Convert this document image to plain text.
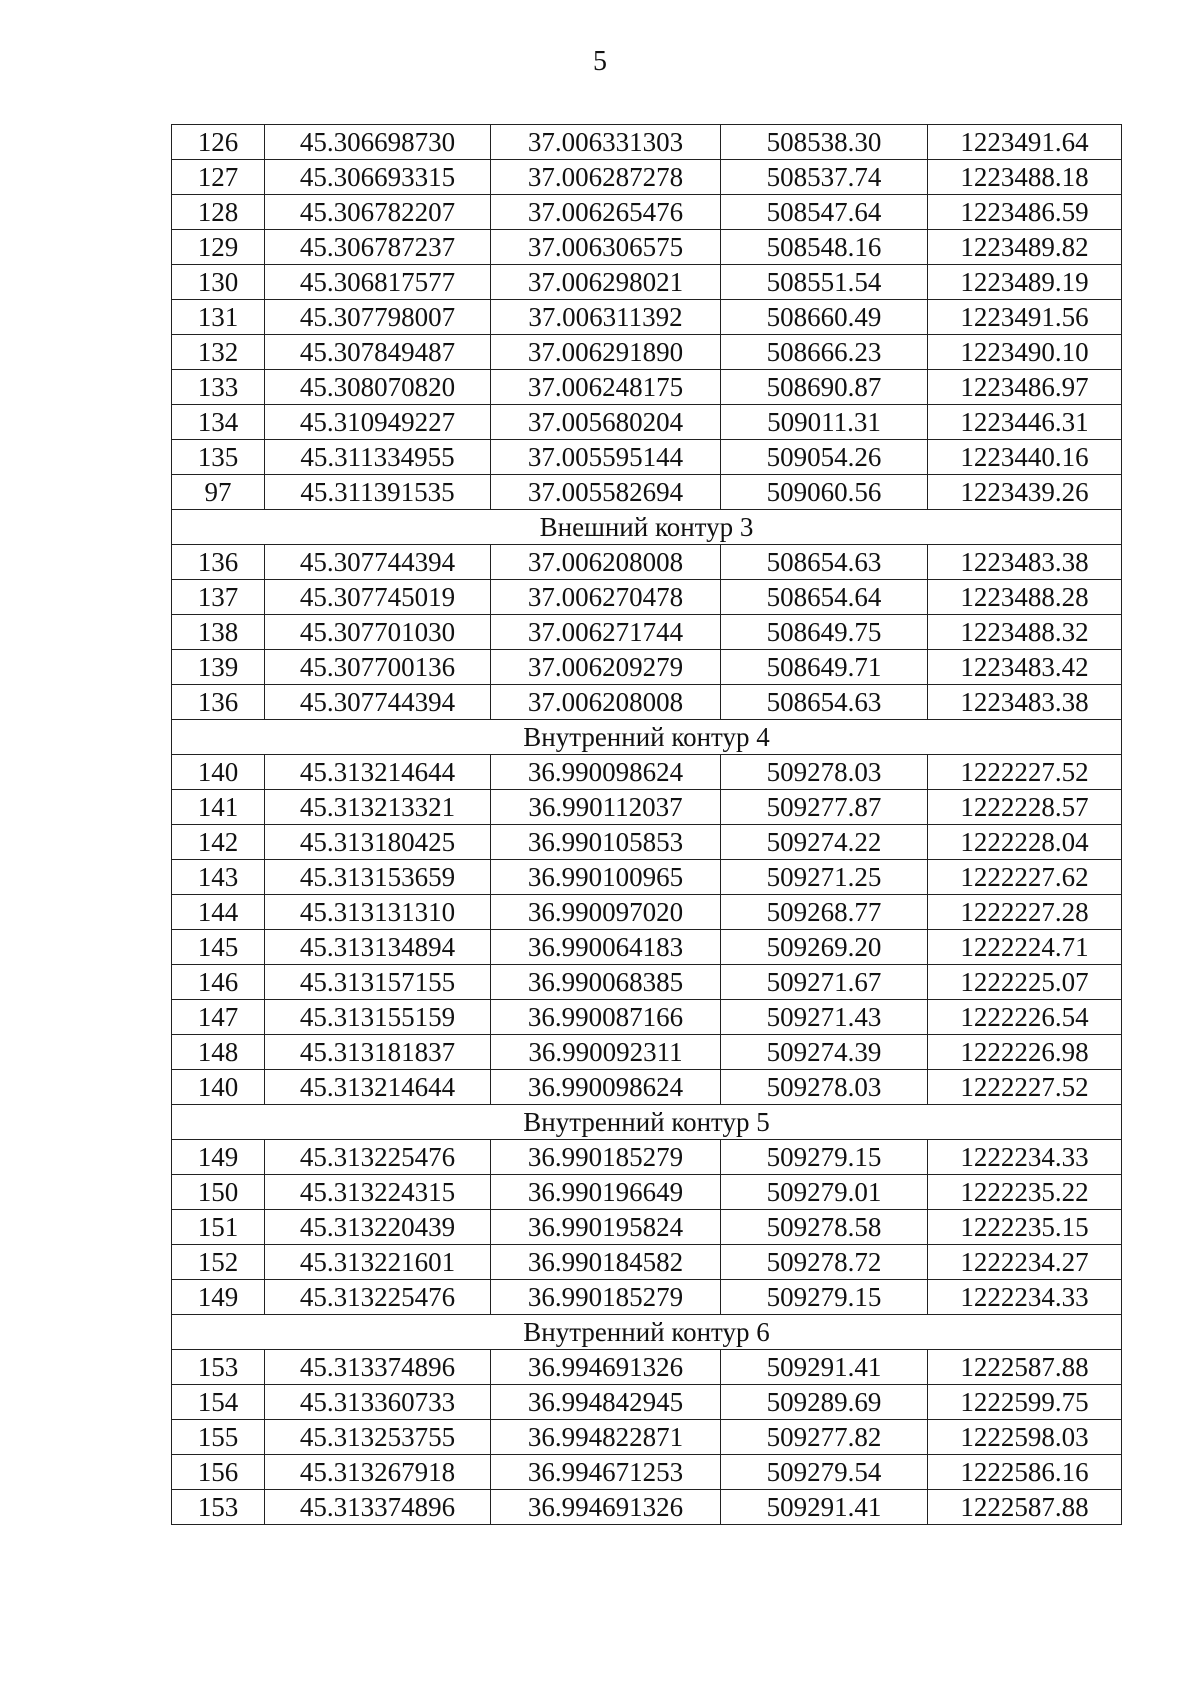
5
126	45.306698730	37.006331303	508538.30	1223491.64
127	45.306693315	37.006287278	508537.74	1223488.18
128	45.306782207	37.006265476	508547.64	1223486.59
129	45.306787237	37.006306575	508548.16	1223489.82
130	45.306817577	37.006298021	508551.54	1223489.19
131	45.307798007	37.006311392	508660.49	1223491.56
132	45.307849487	37.006291890	508666.23	1223490.10
133	45.308070820	37.006248175	508690.87	1223486.97
134	45.310949227	37.005680204	509011.31	1223446.31
135	45.311334955	37.005595144	509054.26	1223440.16
97	45.311391535	37.005582694	509060.56	1223439.26
Внешний контур 3				
136	45.307744394	37.006208008	508654.63	1223483.38
137	45.307745019	37.006270478	508654.64	1223488.28
138	45.307701030	37.006271744	508649.75	1223488.32
139	45.307700136	37.006209279	508649.71	1223483.42
136	45.307744394	37.006208008	508654.63	1223483.38
Внутренний контур 4				
140	45.313214644	36.990098624	509278.03	1222227.52
141	45.313213321	36.990112037	509277.87	1222228.57
142	45.313180425	36.990105853	509274.22	1222228.04
143	45.313153659	36.990100965	509271.25	1222227.62
144	45.313131310	36.990097020	509268.77	1222227.28
145	45.313134894	36.990064183	509269.20	1222224.71
146	45.313157155	36.990068385	509271.67	1222225.07
147	45.313155159	36.990087166	509271.43	1222226.54
148	45.313181837	36.990092311	509274.39	1222226.98
140	45.313214644	36.990098624	509278.03	1222227.52
Внутренний контур 5				
149	45.313225476	36.990185279	509279.15	1222234.33
150	45.313224315	36.990196649	509279.01	1222235.22
151	45.313220439	36.990195824	509278.58	1222235.15
152	45.313221601	36.990184582	509278.72	1222234.27
149	45.313225476	36.990185279	509279.15	1222234.33
Внутренний контур 6				
153	45.313374896	36.994691326	509291.41	1222587.88
154	45.313360733	36.994842945	509289.69	1222599.75
155	45.313253755	36.994822871	509277.82	1222598.03
156	45.313267918	36.994671253	509279.54	1222586.16
153	45.313374896	36.994691326	509291.41	1222587.88
